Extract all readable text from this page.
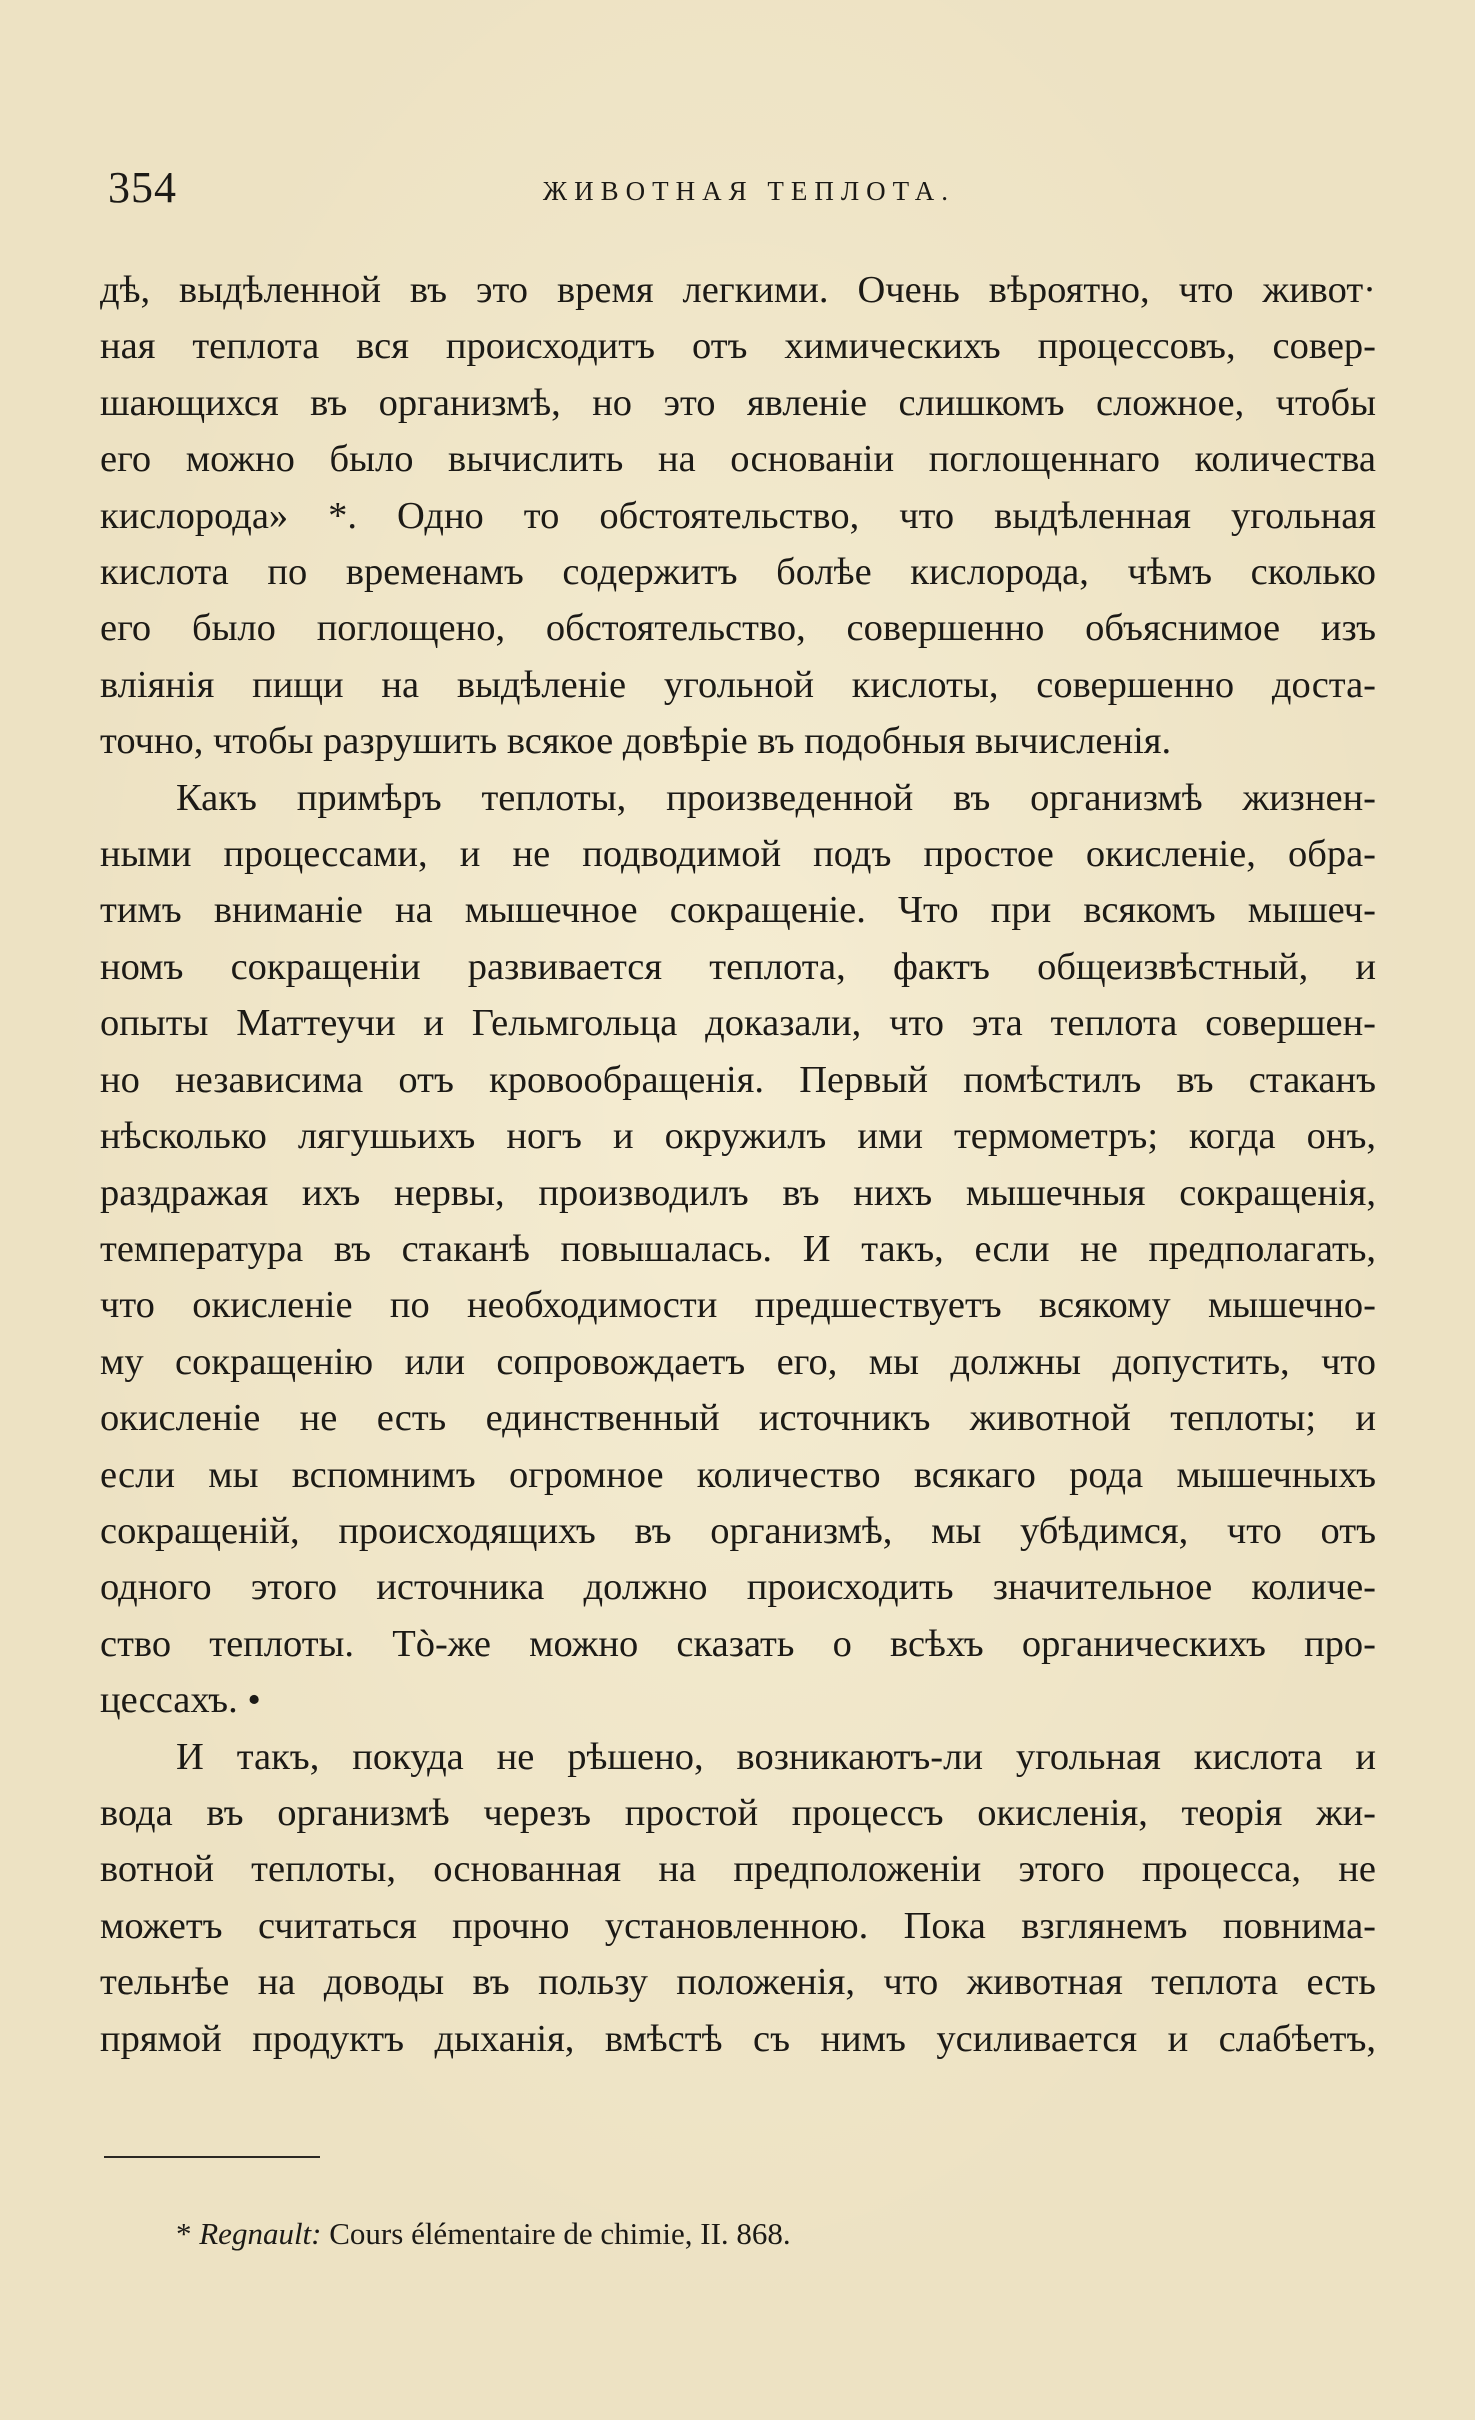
354	ЖИВОТНАЯ ТЕПЛОТА.

дѣ, выдѣленной въ это время легкими. Очень вѣроятно, что живот·
ная теплота вся происходитъ отъ химическихъ процессовъ, совер-
шающихся въ организмѣ, но это явленіе слишкомъ сложное, чтобы
его можно было вычислить на основаніи поглощеннаго количества
кислорода» *. Одно то обстоятельство, что выдѣленная угольная
кислота по временамъ содержитъ болѣе кислорода, чѣмъ сколько
его было поглощено, обстоятельство, совершенно объяснимое изъ
вліянія пищи на выдѣленіе угольной кислоты, совершенно доста-
точно, чтобы разрушить всякое довѣріе въ подобныя вычисленія.

Какъ примѣръ теплоты, произведенной въ организмѣ жизнен-
ными процессами, и не подводимой подъ простое окисленіе, обра-
тимъ вниманіе на мышечное сокращеніе. Что при всякомъ мышеч-
номъ сокращеніи развивается теплота, фактъ общеизвѣстный, и
опыты Маттеучи и Гельмгольца доказали, что эта теплота совершен-
но независима отъ кровообращенія. Первый помѣстилъ въ стаканъ
нѣсколько лягушьихъ ногъ и окружилъ ими термометръ; когда онъ,
раздражая ихъ нервы, производилъ въ нихъ мышечныя сокращенія,
температура въ стаканѣ повышалась. И такъ, если не предполагать,
что окисленіе по необходимости предшествуетъ всякому мышечно-
му сокращенію или сопровождаетъ его, мы должны допустить, что
окисленіе не есть единственный источникъ животной теплоты; и
если мы вспомнимъ огромное количество всякаго рода мышечныхъ
сокращеній, происходящихъ въ организмѣ, мы убѣдимся, что отъ
одного этого источника должно происходить значительное количе-
ство теплоты. Тò-же можно сказать о всѣхъ органическихъ про-
цессахъ. •

И такъ, покуда не рѣшено, возникаютъ-ли угольная кислота и
вода въ организмѣ черезъ простой процессъ окисленія, теорія жи-
вотной теплоты, основанная на предположеніи этого процесса, не
можетъ считаться прочно установленною. Пока взглянемъ повнима-
тельнѣе на доводы въ пользу положенія, что животная теплота есть
прямой продуктъ дыханія, вмѣстѣ съ нимъ усиливается и слабѣетъ,

* Regnault: Cours élémentaire de chimie, II. 868.
